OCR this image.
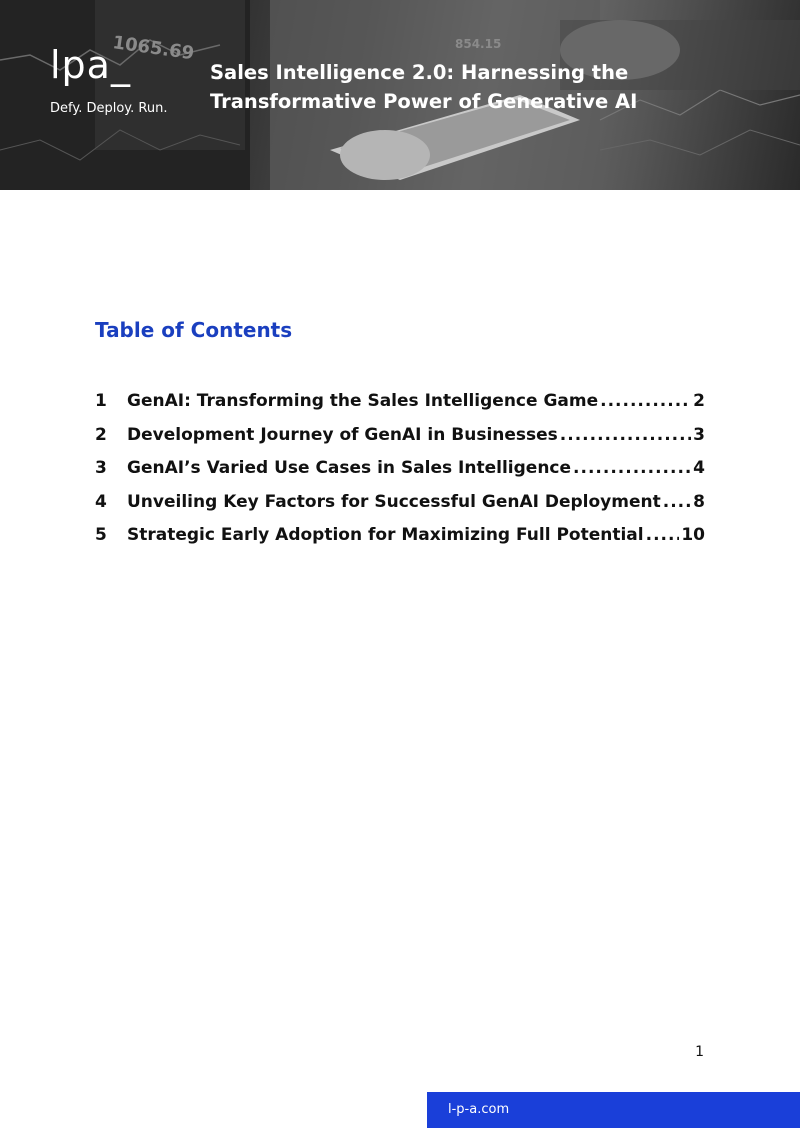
1065.69	854.15
lpa_
Defy. Deploy. Run.
Sales Intelligence 2.0: Harnessing the Transformative Power of Generative AI
Table of Contents
1	GenAI: Transforming the Sales Intelligence Game .....	2
2	Development Journey of GenAI in Businesses .....	3
3	GenAI’s Varied Use Cases in Sales Intelligence .....	4
4	Unveiling Key Factors for Successful GenAI Deployment ..... 8
5	Strategic Early Adoption for Maximizing Full Potential ..... 10
1
l-p-a.com
